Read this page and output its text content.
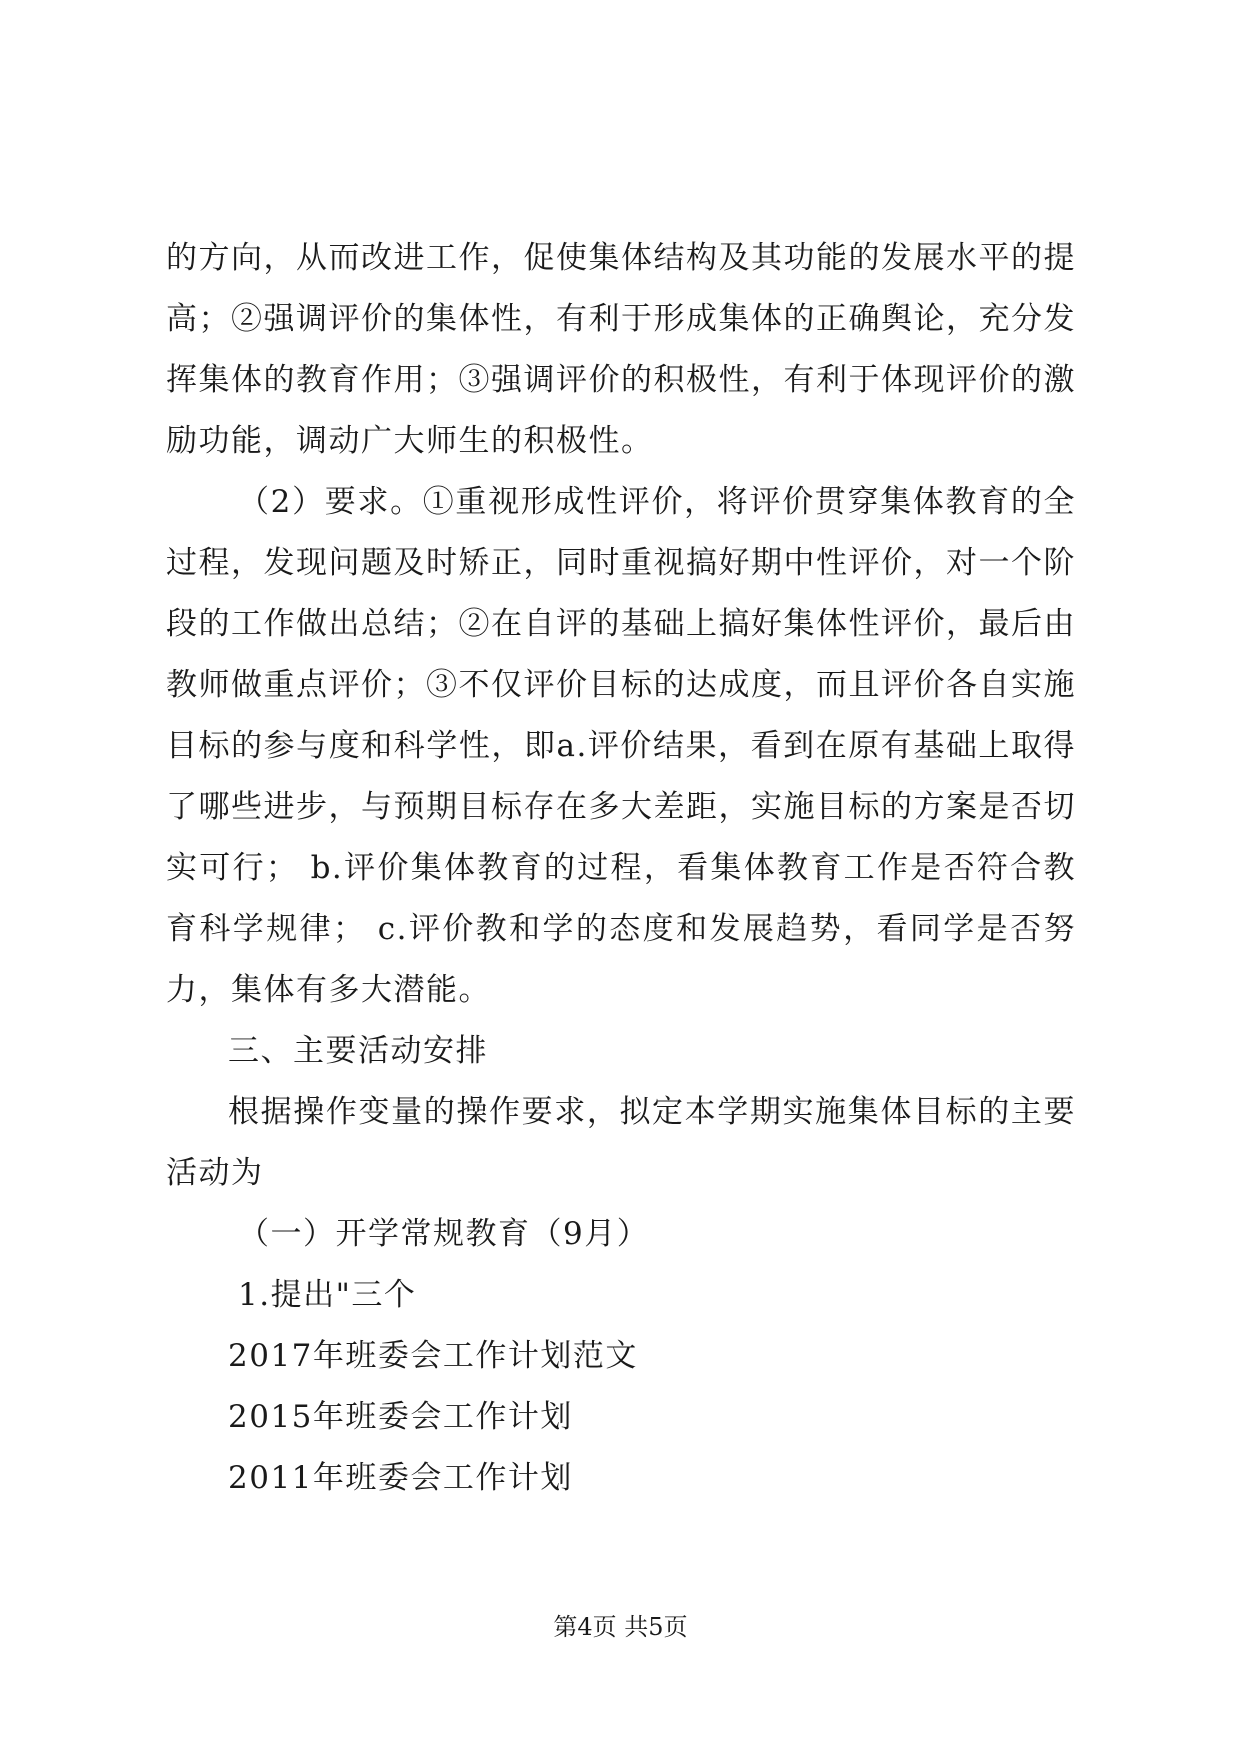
的方向，从而改进工作，促使集体结构及其功能的发展水平的提高；②强调评价的集体性，有利于形成集体的正确舆论，充分发挥集体的教育作用；③强调评价的积极性，有利于体现评价的激励功能，调动广大师生的积极性。

（2）要求。①重视形成性评价，将评价贯穿集体教育的全过程，发现问题及时矫正，同时重视搞好期中性评价，对一个阶段的工作做出总结；②在自评的基础上搞好集体性评价，最后由教师做重点评价；③不仅评价目标的达成度，而且评价各自实施目标的参与度和科学性，即a.评价结果，看到在原有基础上取得了哪些进步，与预期目标存在多大差距，实施目标的方案是否切实可行； b.评价集体教育的过程，看集体教育工作是否符合教育科学规律； c.评价教和学的态度和发展趋势，看同学是否努力，集体有多大潜能。

三、主要活动安排

根据操作变量的操作要求，拟定本学期实施集体目标的主要活动为

（一）开学常规教育（9月）

1.提出"三个

2017年班委会工作计划范文

2015年班委会工作计划

2011年班委会工作计划

第4页 共5页
